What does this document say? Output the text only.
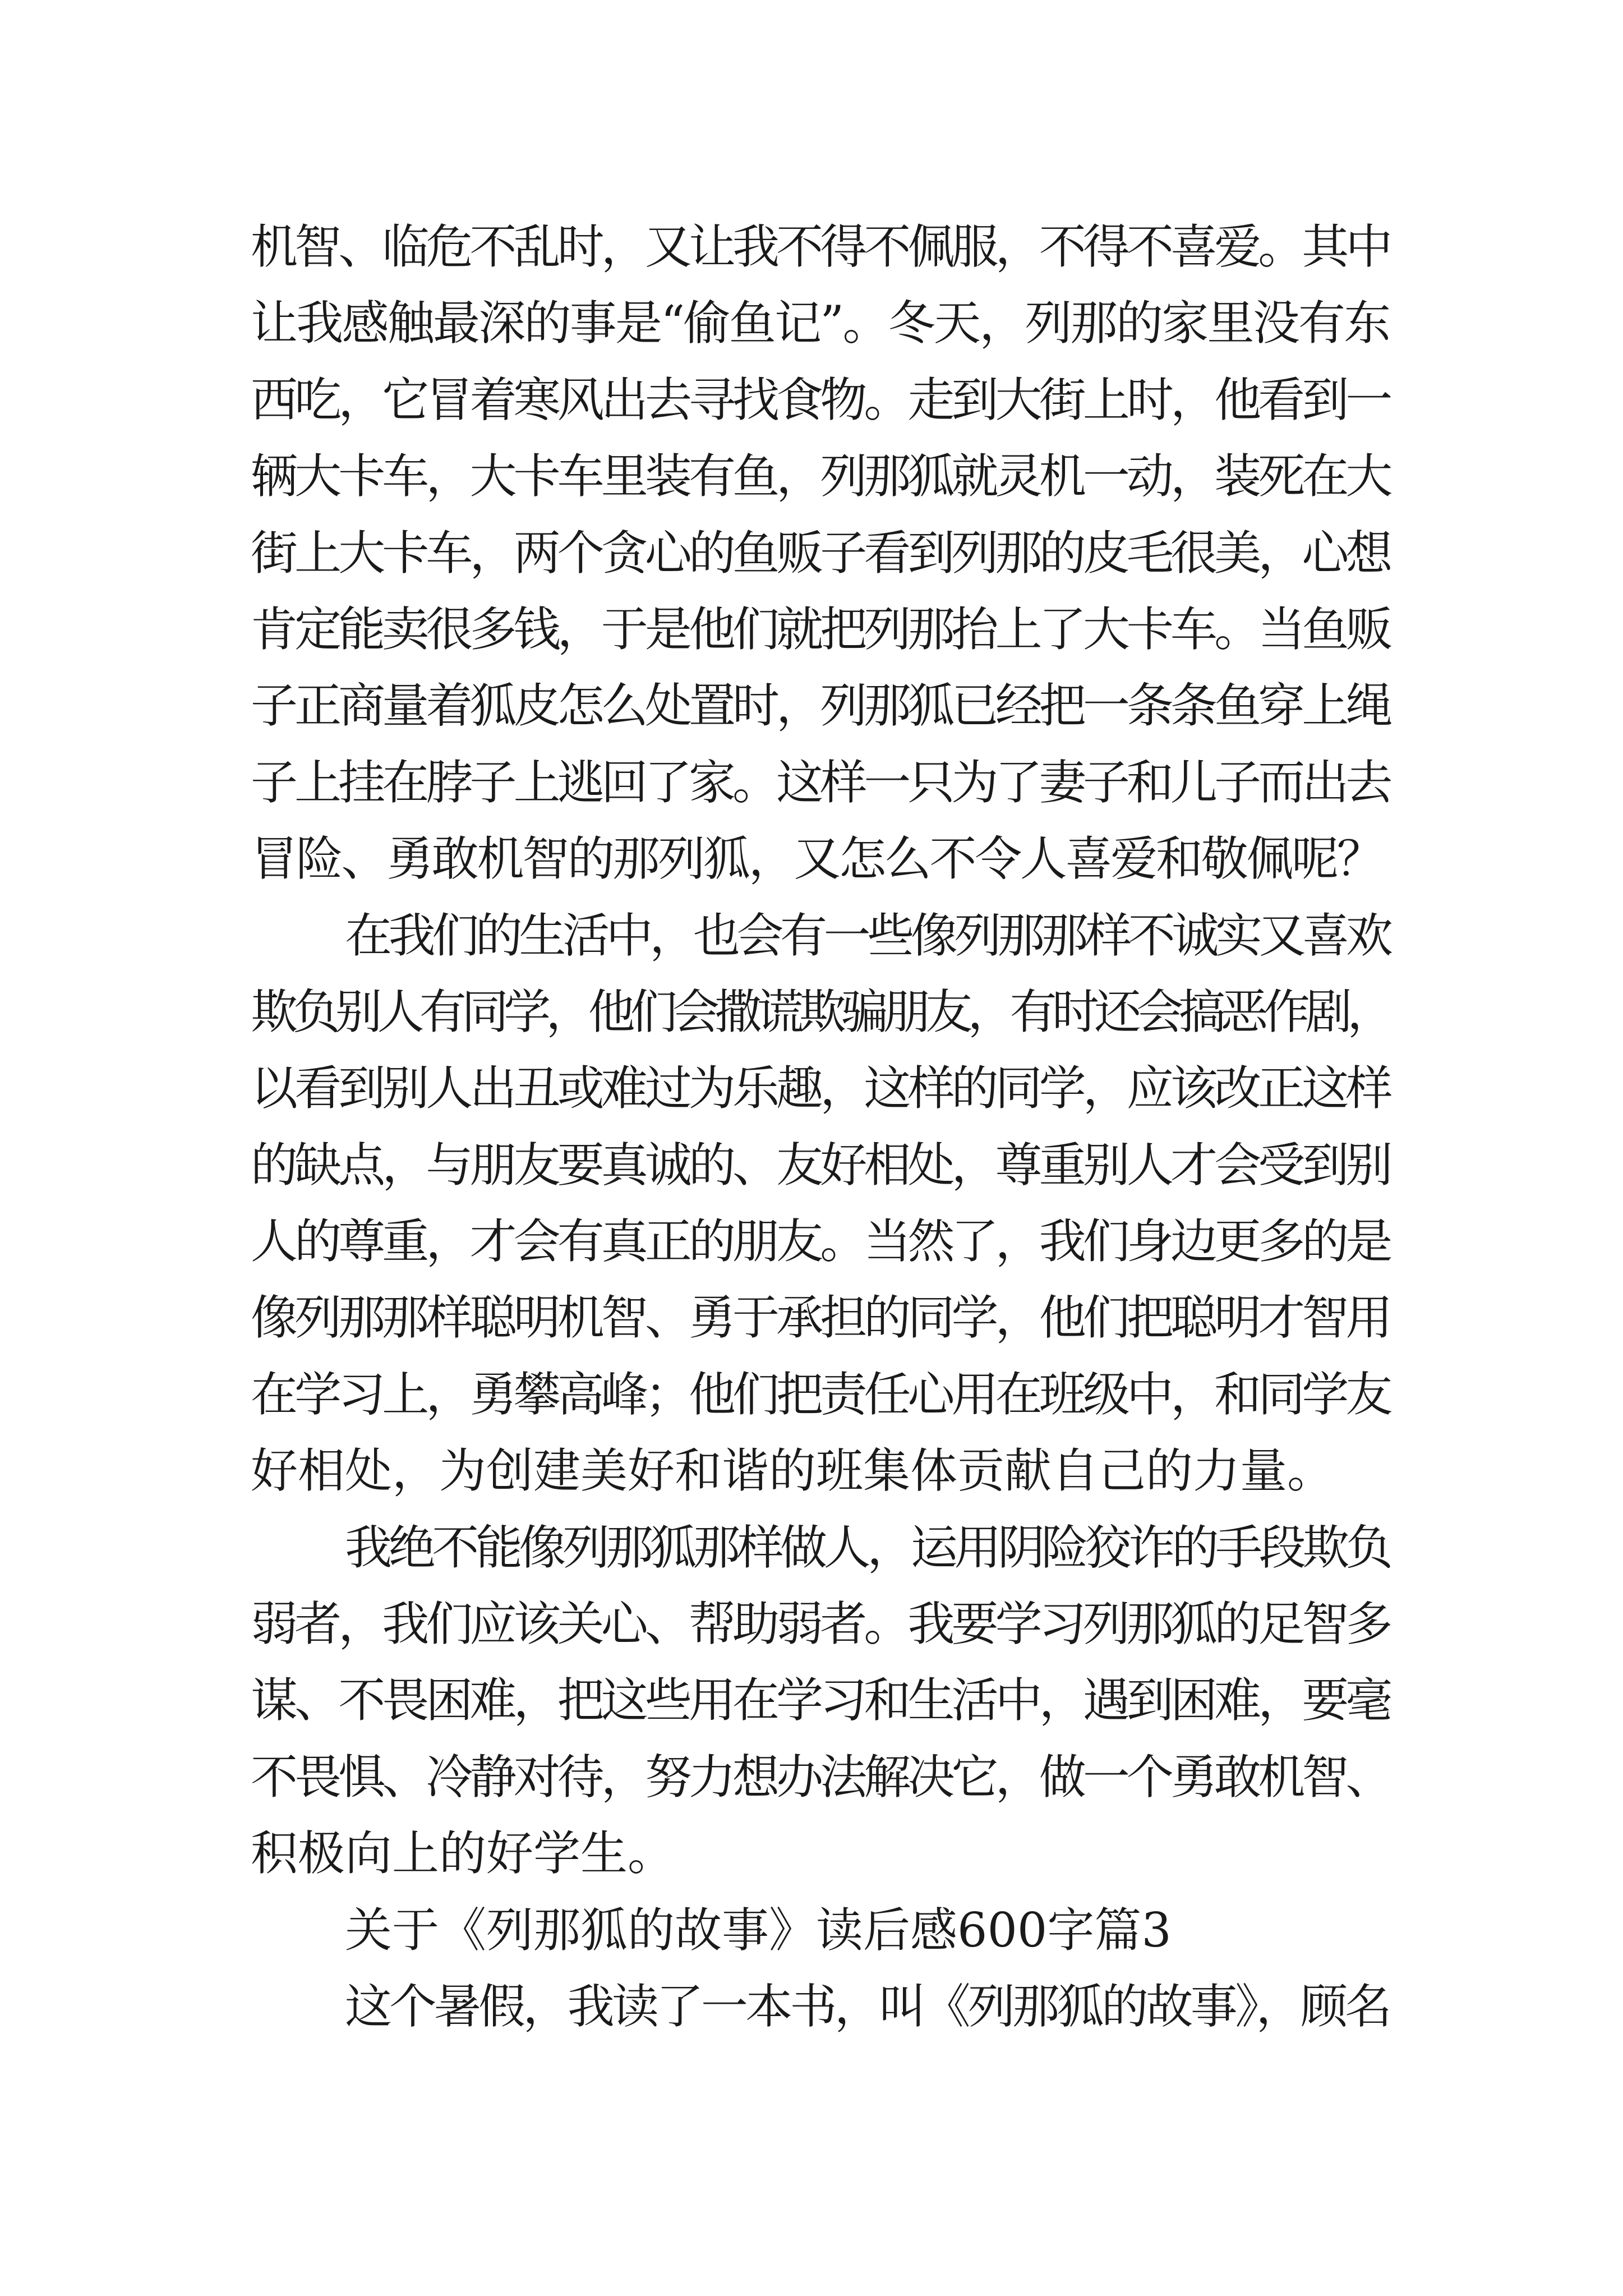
机智、临危不乱时，又让我不得不佩服，不得不喜爱。其中
让我感触最深的事是“偷鱼记”。冬天，列那的家里没有东
西吃，它冒着寒风出去寻找食物。走到大街上时，他看到一
辆大卡车，大卡车里装有鱼，列那狐就灵机一动，装死在大
街上大卡车，两个贪心的鱼贩子看到列那的皮毛很美，心想
肯定能卖很多钱，于是他们就把列那抬上了大卡车。当鱼贩
子正商量着狐皮怎么处置时，列那狐已经把一条条鱼穿上绳
子上挂在脖子上逃回了家。这样一只为了妻子和儿子而出去
冒险、勇敢机智的那列狐，又怎么不令人喜爱和敬佩呢？
在我们的生活中，也会有一些像列那那样不诚实又喜欢
欺负别人有同学，他们会撒谎欺骗朋友，有时还会搞恶作剧，
以看到别人出丑或难过为乐趣，这样的同学，应该改正这样
的缺点，与朋友要真诚的、友好相处，尊重别人才会受到别
人的尊重，才会有真正的朋友。当然了，我们身边更多的是
像列那那样聪明机智、勇于承担的同学，他们把聪明才智用
在学习上，勇攀高峰；他们把责任心用在班级中，和同学友
好相处，为创建美好和谐的班集体贡献自己的力量。
我绝不能像列那狐那样做人，运用阴险狡诈的手段欺负
弱者，我们应该关心、帮助弱者。我要学习列那狐的足智多
谋、不畏困难，把这些用在学习和生活中，遇到困难，要毫
不畏惧、冷静对待，努力想办法解决它，做一个勇敢机智、
积极向上的好学生。
关于《列那狐的故事》读后感600字篇3
这个暑假，我读了一本书，叫《列那狐的故事》，顾名
